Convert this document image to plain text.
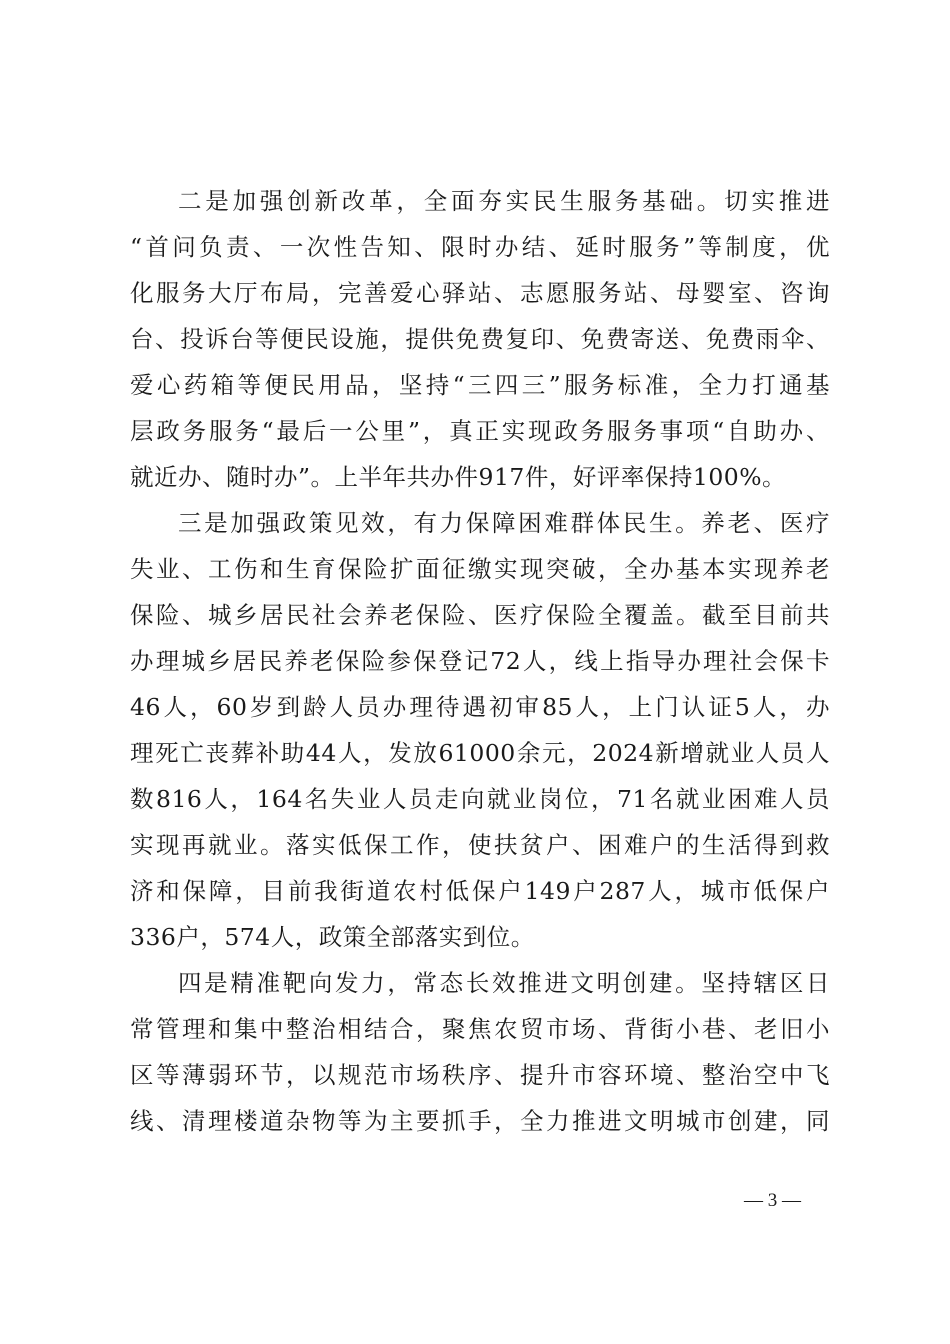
二是加强创新改革，全面夯实民生服务基础。切实推进
“首问负责、一次性告知、限时办结、延时服务”等制度，优
化服务大厅布局，完善爱心驿站、志愿服务站、母婴室、咨询
台、投诉台等便民设施，提供免费复印、免费寄送、免费雨伞、
爱心药箱等便民用品，坚持“三四三”服务标准，全力打通基
层政务服务“最后一公里”，真正实现政务服务事项“自助办、
就近办、随时办”。上半年共办件917件，好评率保持100%。
三是加强政策见效，有力保障困难群体民生。养老、医疗
失业、工伤和生育保险扩面征缴实现突破，全办基本实现养老
保险、城乡居民社会养老保险、医疗保险全覆盖。截至目前共
办理城乡居民养老保险参保登记72人，线上指导办理社会保卡
46人，60岁到龄人员办理待遇初审85人，上门认证5人，办
理死亡丧葬补助44人，发放61000余元，2024新增就业人员人
数816人，164名失业人员走向就业岗位，71名就业困难人员
实现再就业。落实低保工作，使扶贫户、困难户的生活得到救
济和保障，目前我街道农村低保户149户287人，城市低保户
336户，574人，政策全部落实到位。
四是精准靶向发力，常态长效推进文明创建。坚持辖区日
常管理和集中整治相结合，聚焦农贸市场、背街小巷、老旧小
区等薄弱环节，以规范市场秩序、提升市容环境、整治空中飞
线、清理楼道杂物等为主要抓手，全力推进文明城市创建，同
— 3 —
